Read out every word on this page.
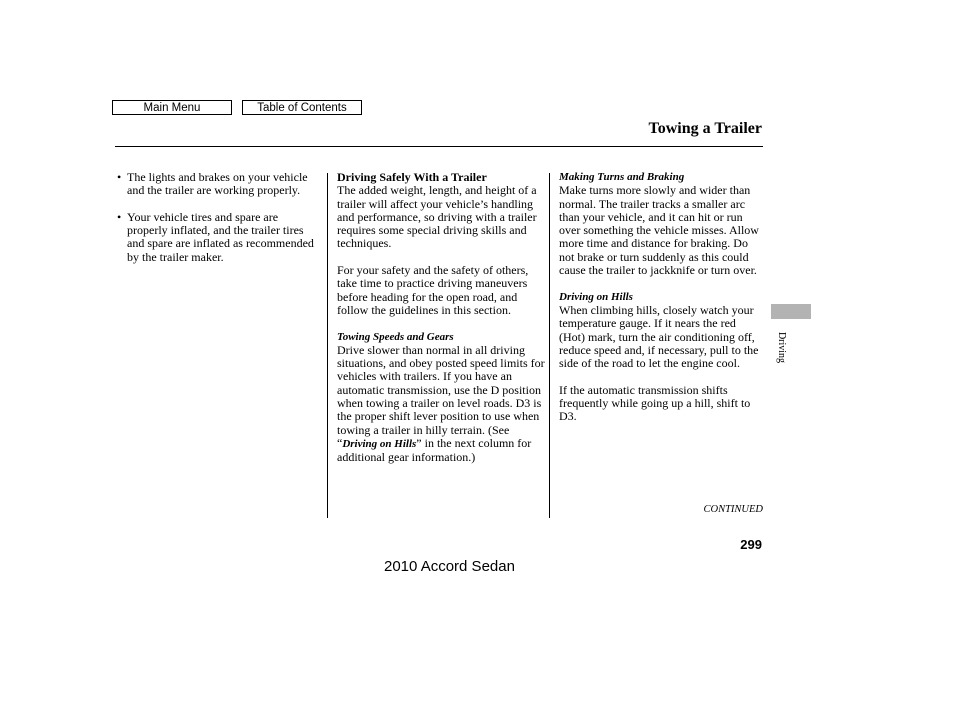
Main Menu	Table of Contents
Towing a Trailer
• The lights and brakes on your vehicle and the trailer are working properly.
• Your vehicle tires and spare are properly inflated, and the trailer tires and spare are inflated as recommended by the trailer maker.
Driving Safely With a Trailer

The added weight, length, and height of a trailer will affect your vehicle’s handling and performance, so driving with a trailer requires some special driving skills and techniques.

For your safety and the safety of others, take time to practice driving maneuvers before heading for the open road, and follow the guidelines in this section.

Towing Speeds and Gears

Drive slower than normal in all driving situations, and obey posted speed limits for vehicles with trailers. If you have an automatic transmission, use the D position when towing a trailer on level roads. D3 is the proper shift lever position to use when towing a trailer in hilly terrain. (See “Driving on Hills” in the next column for additional gear information.)

Making Turns and Braking

Make turns more slowly and wider than normal. The trailer tracks a smaller arc than your vehicle, and it can hit or run over something the vehicle misses. Allow more time and distance for braking. Do not brake or turn suddenly as this could cause the trailer to jackknife or turn over.

Driving on Hills

When climbing hills, closely watch your temperature gauge. If it nears the red (Hot) mark, turn the air conditioning off, reduce speed and, if necessary, pull to the side of the road to let the engine cool.

If the automatic transmission shifts frequently while going up a hill, shift to D3.

CONTINUED
299
2010 Accord Sedan
Driving
